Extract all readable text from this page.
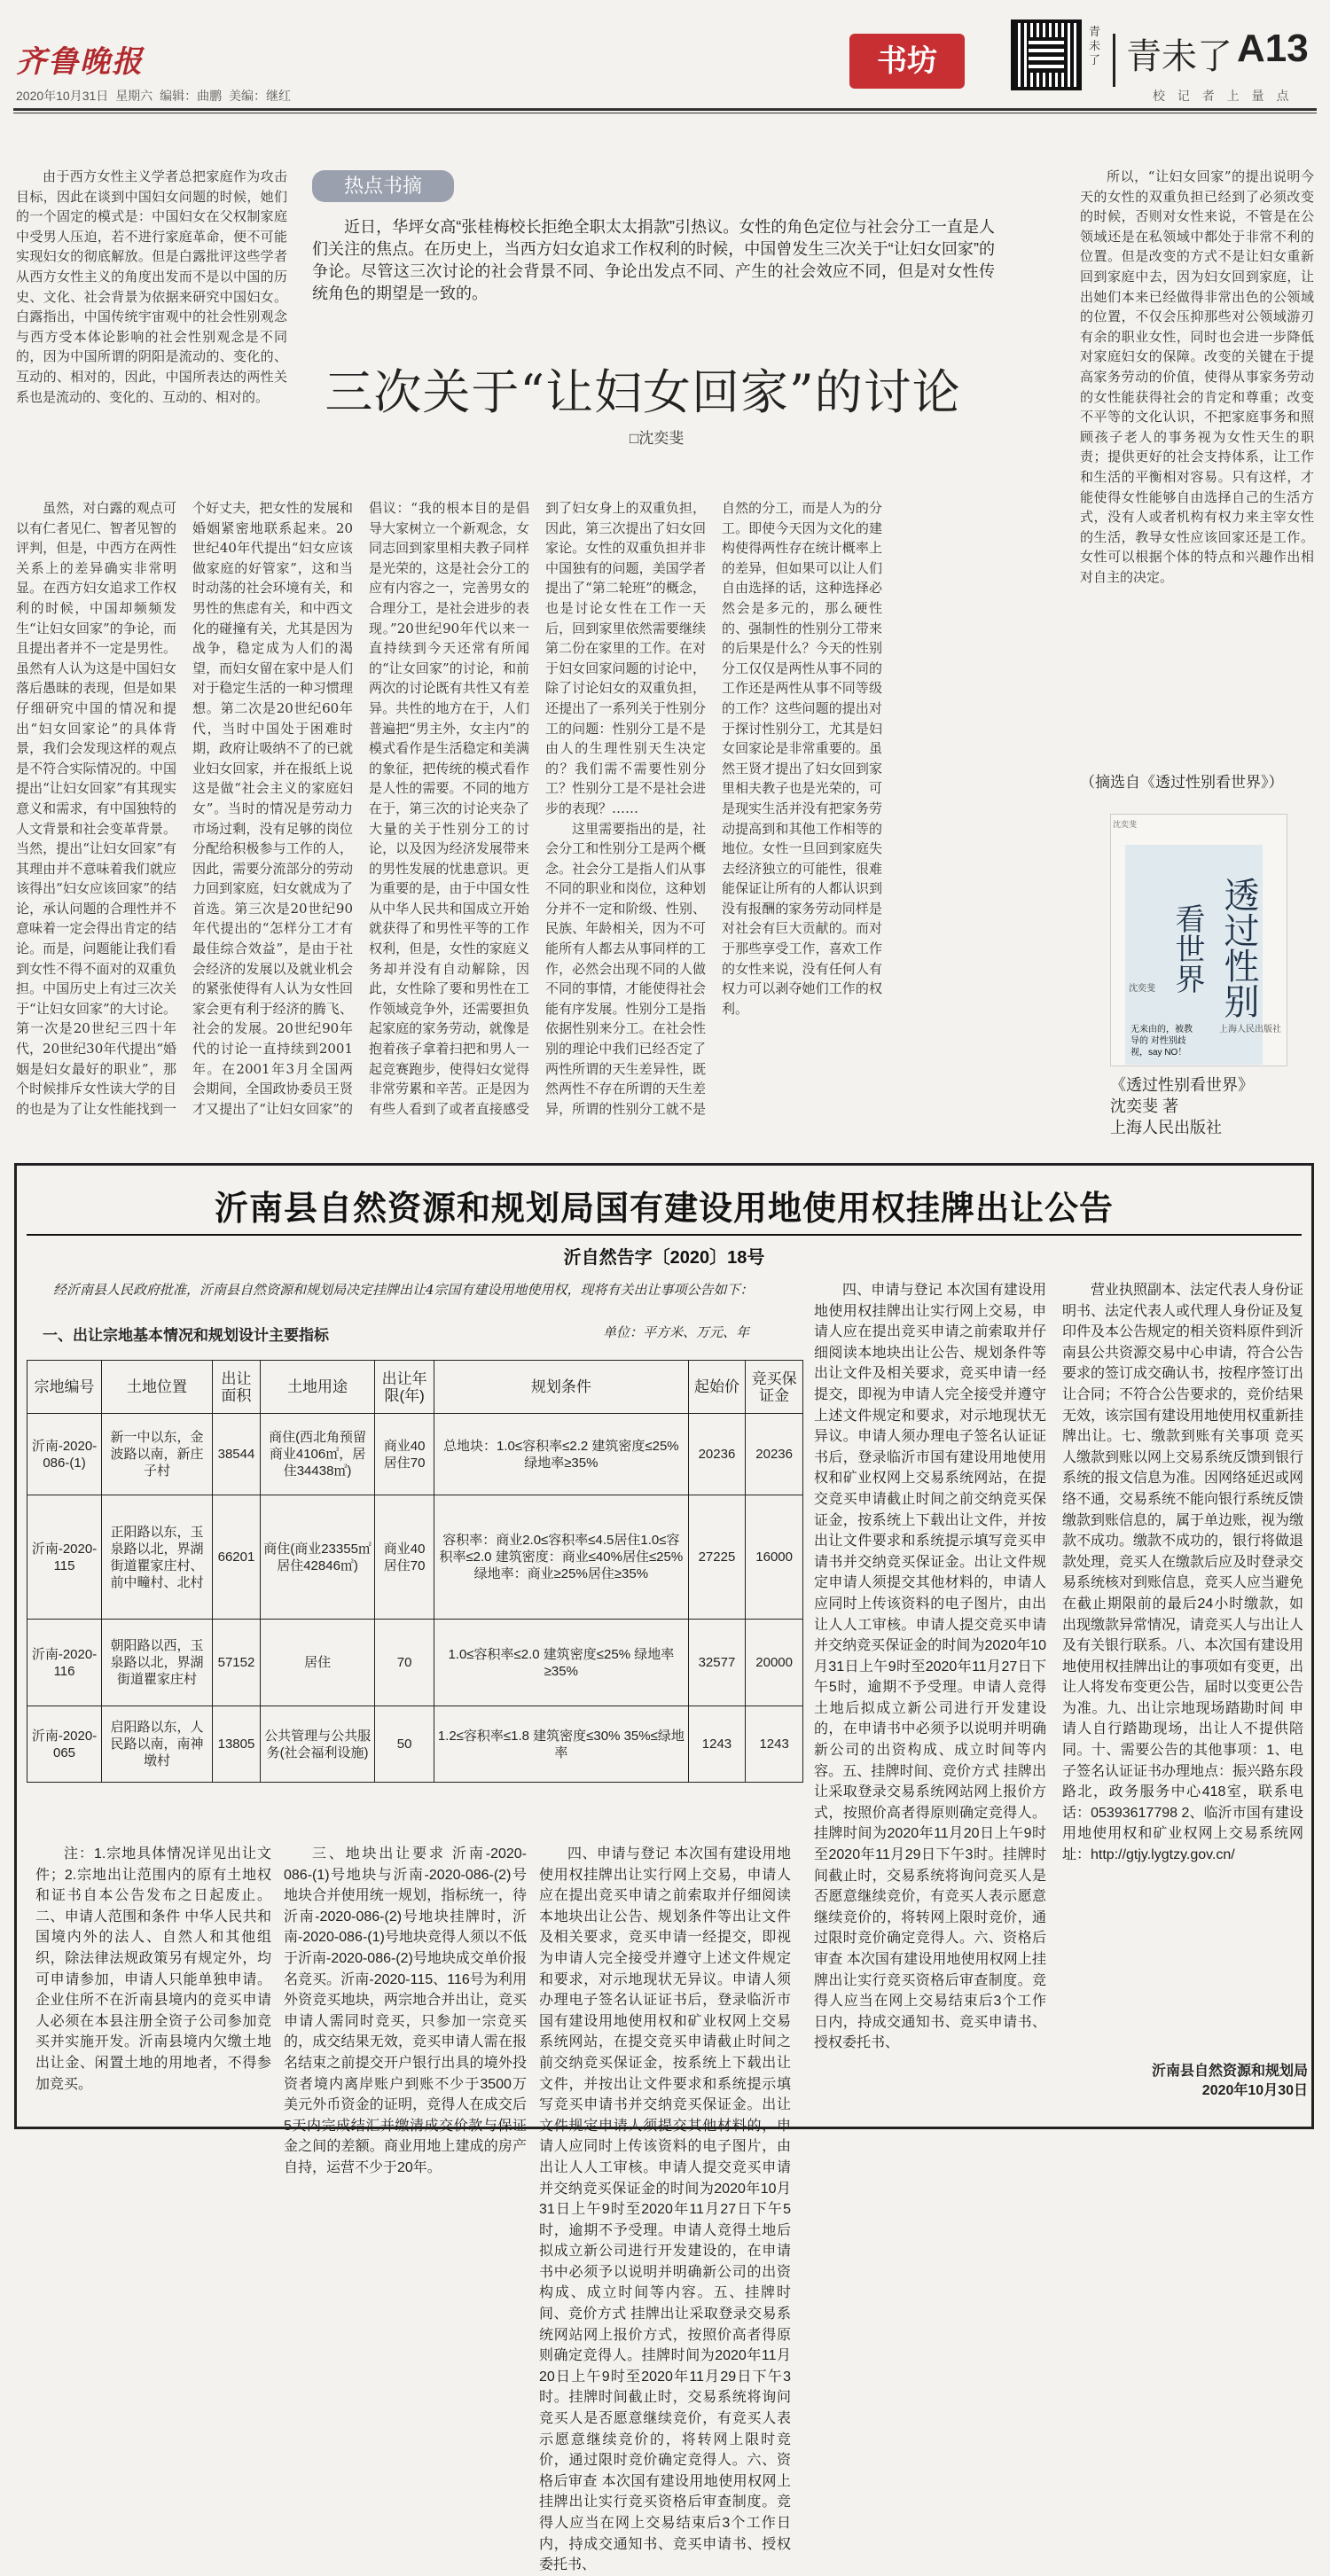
齐鲁晚报
2020年10月31日 星期六 编辑：曲鹏 美编：继红
书坊
青未了 青未了 A13
校 记 者 上 量 点

由于西方女性主义学者总把家庭作为攻击目标，因此在谈到中国妇女问题的时候，她们的一个固定的模式是：中国妇女在父权制家庭中受男人压迫，若不进行家庭革命，便不可能实现妇女的彻底解放。但是白露批评这些学者从西方女性主义的角度出发而不是以中国的历史、文化、社会背景为依据来研究中国妇女。白露指出，中国传统宇宙观中的社会性别观念与西方受本体论影响的社会性别观念是不同的，因为中国所谓的阴阳是流动的、变化的、互动的、相对的，因此，中国所表达的两性关系也是流动的、变化的、互动的、相对的。

热点书摘
近日，华坪女高“张桂梅校长拒绝全职太太捐款”引热议。女性的角色定位与社会分工一直是人们关注的焦点。在历史上，当西方妇女追求工作权利的时候，中国曾发生三次关于“让妇女回家”的争论。尽管这三次讨论的社会背景不同、争论出发点不同、产生的社会效应不同，但是对女性传统角色的期望是一致的。
三次关于“让妇女回家”的讨论
□沈奕斐

虽然，对白露的观点可以有仁者见仁、智者见智的评判，但是，中西方在两性关系上的差异确实非常明显。在西方妇女追求工作权利的时候，中国却频频发生“让妇女回家”的争论，而且提出者并不一定是男性。虽然有人认为这是中国妇女落后愚昧的表现，但是如果仔细研究中国的情况和提出“妇女回家论”的具体背景，我们会发现这样的观点是不符合实际情况的。中国提出“让妇女回家”有其现实意义和需求，有中国独特的人文背景和社会变革背景。当然，提出“让妇女回家”有其理由并不意味着我们就应该得出“妇女应该回家”的结论，承认问题的合理性并不意味着一定会得出肯定的结论。而是，问题能让我们看到女性不得不面对的双重负担。中国历史上有过三次关于“让妇女回家”的大讨论。第一次是20世纪三四十年代，20世纪30年代提出“婚姻是妇女最好的职业”，那个时候排斥女性读大学的目的也是为了让女性能找到一个好丈夫，把女性的发展和婚姻紧密地联系起来。20世纪40年代提出“妇女应该做家庭的好管家”，这和当时动荡的社会环境有关，和男性的焦虑有关，和中西文化的碰撞有关，尤其是因为战争，稳定成为人们的渴望，而妇女留在家中是人们对于稳定生活的一种习惯理想。第二次是20世纪60年代，当时中国处于困难时期，政府让吸纳不了的已就业妇女回家，并在报纸上说这是做“社会主义的家庭妇女”。当时的情况是劳动力市场过剩，没有足够的岗位分配给积极参与工作的人，因此，需要分流部分的劳动力回到家庭，妇女就成为了首选。第三次是20世纪90年代提出的“怎样分工才有最佳综合效益”，是由于社会经济的发展以及就业机会的紧张使得有人认为女性回家会更有利于经济的腾飞、社会的发展。20世纪90年代的讨论一直持续到2001年。在2001年3月全国两会期间，全国政协委员王贤才又提出了“让妇女回家”的倡议：“我的根本目的是倡导大家树立一个新观念，女同志回到家里相夫教子同样是光荣的，这是社会分工的应有内容之一，完善男女的合理分工，是社会进步的表现。”20世纪90年代以来一直持续到今天还常有所闻的“让女回家”的讨论，和前两次的讨论既有共性又有差异。共性的地方在于，人们普遍把“男主外，女主内”的模式看作是生活稳定和美满的象征，把传统的模式看作是人性的需要。不同的地方在于，第三次的讨论夹杂了大量的关于性别分工的讨论，以及因为经济发展带来的男性发展的忧患意识。更为重要的是，由于中国女性从中华人民共和国成立开始就获得了和男性平等的工作权利，但是，女性的家庭义务却并没有自动解除，因此，女性除了要和男性在工作领域竞争外，还需要担负起家庭的家务劳动，就像是抱着孩子拿着扫把和男人一起竞赛跑步，使得妇女觉得非常劳累和辛苦。正是因为有些人看到了或者直接感受到了妇女身上的双重负担，因此，第三次提出了妇女回家论。女性的双重负担并非中国独有的问题，美国学者提出了“第二轮班”的概念，也是讨论女性在工作一天后，回到家里依然需要继续第二份在家里的工作。在对于妇女回家问题的讨论中，除了讨论妇女的双重负担，还提出了一系列关于性别分工的问题：性别分工是不是由人的生理性别天生决定的？我们需不需要性别分工？性别分工是不是社会进步的表现？……

这里需要指出的是，社会分工和性别分工是两个概念。社会分工是指人们从事不同的职业和岗位，这种划分并不一定和阶级、性别、民族、年龄相关，因为不可能所有人都去从事同样的工作，必然会出现不同的人做不同的事情，才能使得社会能有序发展。性别分工是指依据性别来分工。在社会性别的理论中我们已经否定了两性所谓的天生差异性，既然两性不存在所谓的天生差异，所谓的性别分工就不是自然的分工，而是人为的分工。即使今天因为文化的建构使得两性存在统计概率上的差异，但如果可以让人们自由选择的话，这种选择必然会是多元的，那么硬性的、强制性的性别分工带来的后果是什么？今天的性别分工仅仅是两性从事不同的工作还是两性从事不同等级的工作？这些问题的提出对于探讨性别分工，尤其是妇女回家论是非常重要的。虽然王贤才提出了妇女回到家里相夫教子也是光荣的，可是现实生活并没有把家务劳动提高到和其他工作相等的地位。女性一旦回到家庭失去经济独立的可能性，很难能保证让所有的人都认识到没有报酬的家务劳动同样是对社会有巨大贡献的。而对于那些享受工作，喜欢工作的女性来说，没有任何人有权力可以剥夺她们工作的权利。

所以，“让妇女回家”的提出说明今天的女性的双重负担已经到了必须改变的时候，否则对女性来说，不管是在公领域还是在私领域中都处于非常不利的位置。但是改变的方式不是让妇女重新回到家庭中去，因为妇女回到家庭，让出她们本来已经做得非常出色的公领域的位置，不仅会压抑那些对公领域游刃有余的职业女性，同时也会进一步降低对家庭妇女的保障。改变的关键在于提高家务劳动的价值，使得从事家务劳动的女性能获得社会的肯定和尊重；改变不平等的文化认识，不把家庭事务和照顾孩子老人的事务视为女性天生的职责；提供更好的社会支持体系，让工作和生活的平衡相对容易。只有这样，才能使得女性能够自由选择自己的生活方式，没有人或者机构有权力来主宰女性的生活，教导女性应该回家还是工作。女性可以根据个体的特点和兴趣作出相对自主的决定。

（摘选自《透过性别看世界》）
沈奕斐
透过性别
看世界
沈奕斐
无来由的，被教导的 对性别歧视，say NO！
上海人民出版社
《透过性别看世界》
沈奕斐 著
上海人民出版社
沂南县自然资源和规划局国有建设用地使用权挂牌出让公告
沂自然告字〔2020〕18号
经沂南县人民政府批准，沂南县自然资源和规划局决定挂牌出让4宗国有建设用地使用权，现将有关出让事项公告如下：
一、出让宗地基本情况和规划设计主要指标	单位：平方米、万元、年
宗地编号	土地位置	出让面积	土地用途	出让年限(年)	规划条件	起始价	竞买保证金
沂南-2020-086-(1)	新一中以东，金波路以南，新庄子村	38544	商住(西北角预留商业4106㎡，居住34438㎡)	商业40居住70	总地块：1.0≤容积率≤2.2 建筑密度≤25% 绿地率≥35%	20236	20236
沂南-2020-115	正阳路以东，玉泉路以北，界湖街道瞿家庄村、前中疃村、北村	66201	商住(商业23355㎡居住42846㎡)	商业40居住70	容积率：商业2.0≤容积率≤4.5居住1.0≤容积率≤2.0 建筑密度：商业≤40%居住≤25% 绿地率：商业≥25%居住≥35%	27225	16000
沂南-2020-116	朝阳路以西，玉泉路以北，界湖街道瞿家庄村	57152	居住	70	1.0≤容积率≤2.0 建筑密度≤25% 绿地率≥35%	32577	20000
沂南-2020-065	启阳路以东，人民路以南，南神墩村	13805	公共管理与公共服务(社会福利设施)	50	1.2≤容积率≤1.8 建筑密度≤30% 35%≤绿地率	1243	1243

注：1.宗地具体情况详见出让文件；2.宗地出让范围内的原有土地权和证书自本公告发布之日起废止。二、申请人范围和条件 中华人民共和国境内外的法人、自然人和其他组织，除法律法规政策另有规定外，均可申请参加，申请人只能单独申请。企业住所不在沂南县境内的竞买申请人必须在本县注册全资子公司参加竞买并实施开发。沂南县境内欠缴土地出让金、闲置土地的用地者，不得参加竞买。

三、地块出让要求 沂南-2020-086-(1)号地块与沂南-2020-086-(2)号地块合并使用统一规划，指标统一，待沂南-2020-086-(2)号地块挂牌时，沂南-2020-086-(1)号地块竞得人须以不低于沂南-2020-086-(2)号地块成交单价报名竞买。沂南-2020-115、116号为利用外资竞买地块，两宗地合并出让，竞买申请人需同时竞买，只参加一宗竞买的，成交结果无效，竞买申请人需在报名结束之前提交开户银行出具的境外投资者境内离岸账户到账不少于3500万美元外币资金的证明，竞得人在成交后5天内完成结汇并缴清成交价款与保证金之间的差额。商业用地上建成的房产自持，运营不少于20年。

四、申请与登记 本次国有建设用地使用权挂牌出让实行网上交易，申请人应在提出竞买申请之前索取并仔细阅读本地块出让公告、规划条件等出让文件及相关要求，竞买申请一经提交，即视为申请人完全接受并遵守上述文件规定和要求，对示地现状无异议。申请人须办理电子签名认证证书后，登录临沂市国有建设用地使用权和矿业权网上交易系统网站，在提交竞买申请截止时间之前交纳竞买保证金，按系统上下载出让文件，并按出让文件要求和系统提示填写竞买申请书并交纳竞买保证金。出让文件规定申请人须提交其他材料的，申请人应同时上传该资料的电子图片，由出让人人工审核。申请人提交竞买申请并交纳竞买保证金的时间为2020年10月31日上午9时至2020年11月27日下午5时，逾期不予受理。申请人竞得土地后拟成立新公司进行开发建设的，在申请书中必须予以说明并明确新公司的出资构成、成立时间等内容。五、挂牌时间、竞价方式 挂牌出让采取登录交易系统网站网上报价方式，按照价高者得原则确定竞得人。挂牌时间为2020年11月20日上午9时至2020年11月29日下午3时。挂牌时间截止时，交易系统将询问竞买人是否愿意继续竞价，有竞买人表示愿意继续竞价的，将转网上限时竞价，通过限时竞价确定竞得人。六、资格后审查 本次国有建设用地使用权网上挂牌出让实行竞买资格后审查制度。竞得人应当在网上交易结束后3个工作日内，持成交通知书、竞买申请书、授权委托书、

四、申请与登记 本次国有建设用地使用权挂牌出让实行网上交易，申请人应在提出竞买申请之前索取并仔细阅读本地块出让公告、规划条件等出让文件及相关要求，竞买申请一经提交，即视为申请人完全接受并遵守上述文件规定和要求，对示地现状无异议。申请人须办理电子签名认证证书后，登录临沂市国有建设用地使用权和矿业权网上交易系统网站，在提交竞买申请截止时间之前交纳竞买保证金，按系统上下载出让文件，并按出让文件要求和系统提示填写竞买申请书并交纳竞买保证金。出让文件规定申请人须提交其他材料的，申请人应同时上传该资料的电子图片，由出让人人工审核。申请人提交竞买申请并交纳竞买保证金的时间为2020年10月31日上午9时至2020年11月27日下午5时，逾期不予受理。申请人竞得土地后拟成立新公司进行开发建设的，在申请书中必须予以说明并明确新公司的出资构成、成立时间等内容。五、挂牌时间、竞价方式 挂牌出让采取登录交易系统网站网上报价方式，按照价高者得原则确定竞得人。挂牌时间为2020年11月20日上午9时至2020年11月29日下午3时。挂牌时间截止时，交易系统将询问竞买人是否愿意继续竞价，有竞买人表示愿意继续竞价的，将转网上限时竞价，通过限时竞价确定竞得人。六、资格后审查 本次国有建设用地使用权网上挂牌出让实行竞买资格后审查制度。竞得人应当在网上交易结束后3个工作日内，持成交通知书、竞买申请书、授权委托书、

营业执照副本、法定代表人身份证明书、法定代表人或代理人身份证及复印件及本公告规定的相关资料原件到沂南县公共资源交易中心申请，符合公告要求的签订成交确认书，按程序签订出让合同；不符合公告要求的，竞价结果无效，该宗国有建设用地使用权重新挂牌出让。七、缴款到账有关事项 竞买人缴款到账以网上交易系统反馈到银行系统的报文信息为准。因网络延迟或网络不通，交易系统不能向银行系统反馈缴款到账信息的，属于单边账，视为缴款不成功。缴款不成功的，银行将做退款处理，竞买人在缴款后应及时登录交易系统核对到账信息，竞买人应当避免在截止期限前的最后24小时缴款，如出现缴款异常情况，请竞买人与出让人及有关银行联系。八、本次国有建设用地使用权挂牌出让的事项如有变更，出让人将发布变更公告，届时以变更公告为准。九、出让宗地现场踏勘时间 申请人自行踏勘现场，出让人不提供陪同。十、需要公告的其他事项：1、电子签名认证证书办理地点：振兴路东段路北，政务服务中心418室，联系电话：05393617798 2、临沂市国有建设用地使用权和矿业权网上交易系统网址：http://gtjy.lygtzy.gov.cn/

沂南县自然资源和规划局
2020年10月30日
